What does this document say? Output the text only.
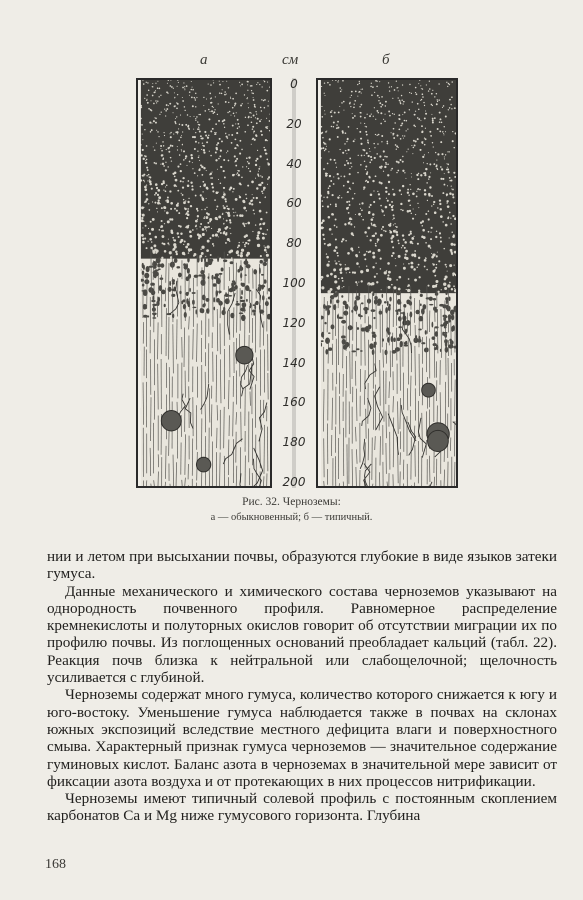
а	см	б
0
20
40
60
80
100
120
140
160
180
200
Рис. 32. Черноземы:
а — обыкновенный; б — типичный.

нии и летом при высыхании почвы, образуются глубокие в виде языков затеки гумуса.

Данные механического и химического состава черноземов указывают на однородность почвенного профиля. Равномерное распределение кремнекислоты и полуторных окислов говорит об отсутствии миграции их по профилю почвы. Из поглощенных оснований преобладает кальций (табл. 22). Реакция почв близка к нейтральной или слабощелочной; щелочность усиливается с глубиной.

Черноземы содержат много гумуса, количество которого снижается к югу и юго-востоку. Уменьшение гумуса наблюдается также в почвах на склонах южных экспозиций вследствие местного дефицита влаги и поверхностного смыва. Характерный признак гумуса черноземов — значительное содержание гуминовых кислот. Баланс азота в черноземах в значительной мере зависит от фиксации азота воздуха и от протекающих в них процессов нитрификации.

Черноземы имеют типичный солевой профиль с постоянным скоплением карбонатов Ca и Mg ниже гумусового горизонта. Глубина

168
